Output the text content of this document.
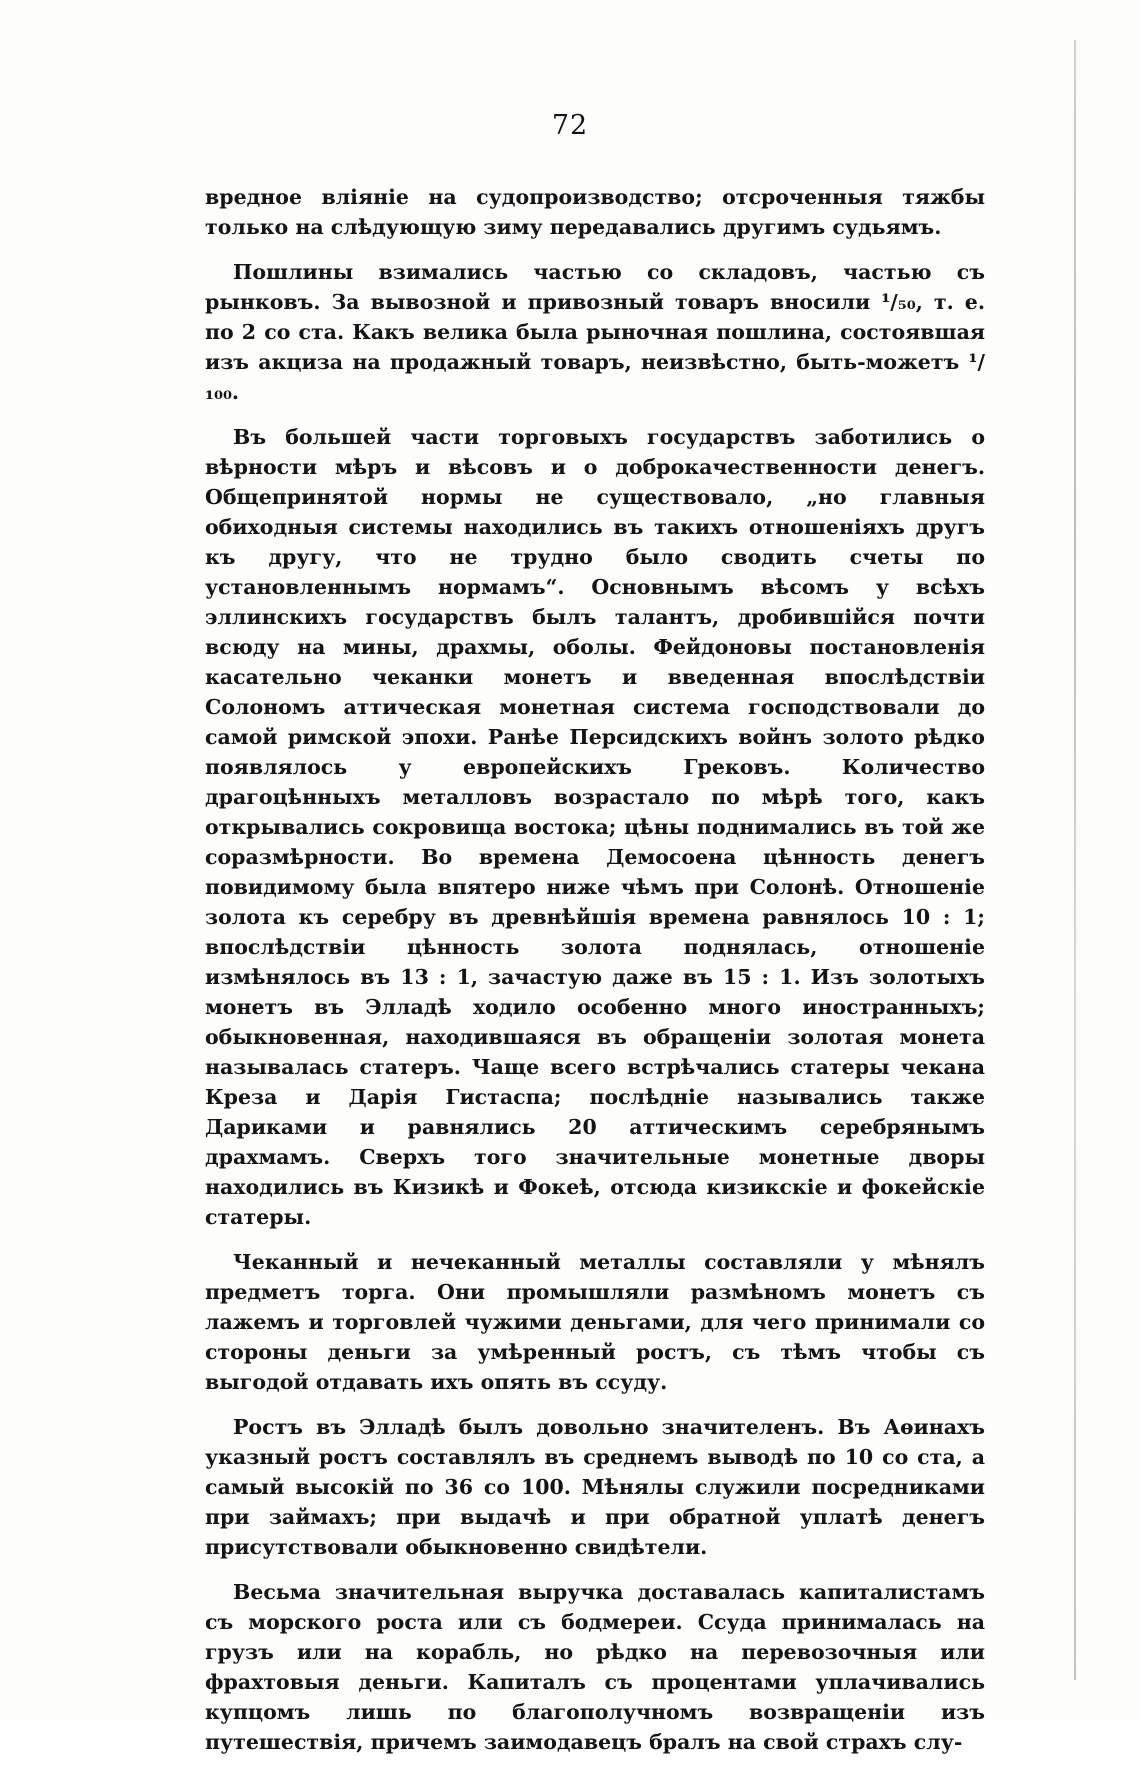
72

вредное вліяніе на судопроизводство; отсроченныя тяжбы только на слѣдующую зиму передавались другимъ судьямъ.

Пошлины взимались частью со складовъ, частью съ рынковъ. За вывозной и привозный товаръ вносили ¹/₅₀, т. е. по 2 со ста. Какъ велика была рыночная пошлина, состоявшая изъ акциза на продажный товаръ, неизвѣстно, быть-можетъ ¹/₁₀₀.

Въ большей части торговыхъ государствъ заботились о вѣрности мѣръ и вѣсовъ и о доброкачественности денегъ. Общепринятой нормы не существовало, „но главныя обиходныя системы находились въ такихъ отношеніяхъ другъ къ другу, что не трудно было сводить счеты по установленнымъ нормамъ“. Основнымъ вѣсомъ у всѣхъ эллинскихъ государствъ былъ талантъ, дробившійся почти всюду на мины, драхмы, оболы. Фейдоновы постановленія касательно чеканки монетъ и введенная впослѣдствіи Солономъ аттическая монетная система господствовали до самой римской эпохи. Ранѣе Персидскихъ войнъ золото рѣдко появлялось у европейскихъ Грековъ. Количество драгоцѣнныхъ металловъ возрастало по мѣрѣ того, какъ открывались сокровища востока; цѣны поднимались въ той же соразмѣрности. Во времена Демосоена цѣнность денегъ повидимому была впятеро ниже чѣмъ при Солонѣ. Отношеніе золота къ серебру въ древнѣйшія времена равнялось 10 : 1; впослѣдствіи цѣнность золота поднялась, отношеніе измѣнялось въ 13 : 1, зачастую даже въ 15 : 1. Изъ золотыхъ монетъ въ Элладѣ ходило особенно много иностранныхъ; обыкновенная, находившаяся въ обращеніи золотая монета называлась статеръ. Чаще всего встрѣчались статеры чекана Креза и Дарія Гистаспа; послѣдніе назывались также Дариками и равнялись 20 аттическимъ серебрянымъ драхмамъ. Сверхъ того значительные монетные дворы находились въ Кизикѣ и Фокеѣ, отсюда кизикскіе и фокейскіе статеры.

Чеканный и нечеканный металлы составляли у мѣнялъ предметъ торга. Они промышляли размѣномъ монетъ съ лажемъ и торговлей чужими деньгами, для чего принимали со стороны деньги за умѣренный ростъ, съ тѣмъ чтобы съ выгодой отдавать ихъ опять въ ссуду.

Ростъ въ Элладѣ былъ довольно значителенъ. Въ Аѳинахъ указный ростъ составлялъ въ среднемъ выводѣ по 10 со ста, а самый высокій по 36 со 100. Мѣнялы служили посредниками при займахъ; при выдачѣ и при обратной уплатѣ денегъ присутствовали обыкновенно свидѣтели.

Весьма значительная выручка доставалась капиталистамъ съ морского роста или съ бодмереи. Ссуда принималась на грузъ или на корабль, но рѣдко на перевозочныя или фрахтовыя деньги. Капиталъ съ процентами уплачивались купцомъ лишь по благополучномъ возвращеніи изъ путешествія, причемъ заимодавецъ бралъ на свой страхъ слу-
